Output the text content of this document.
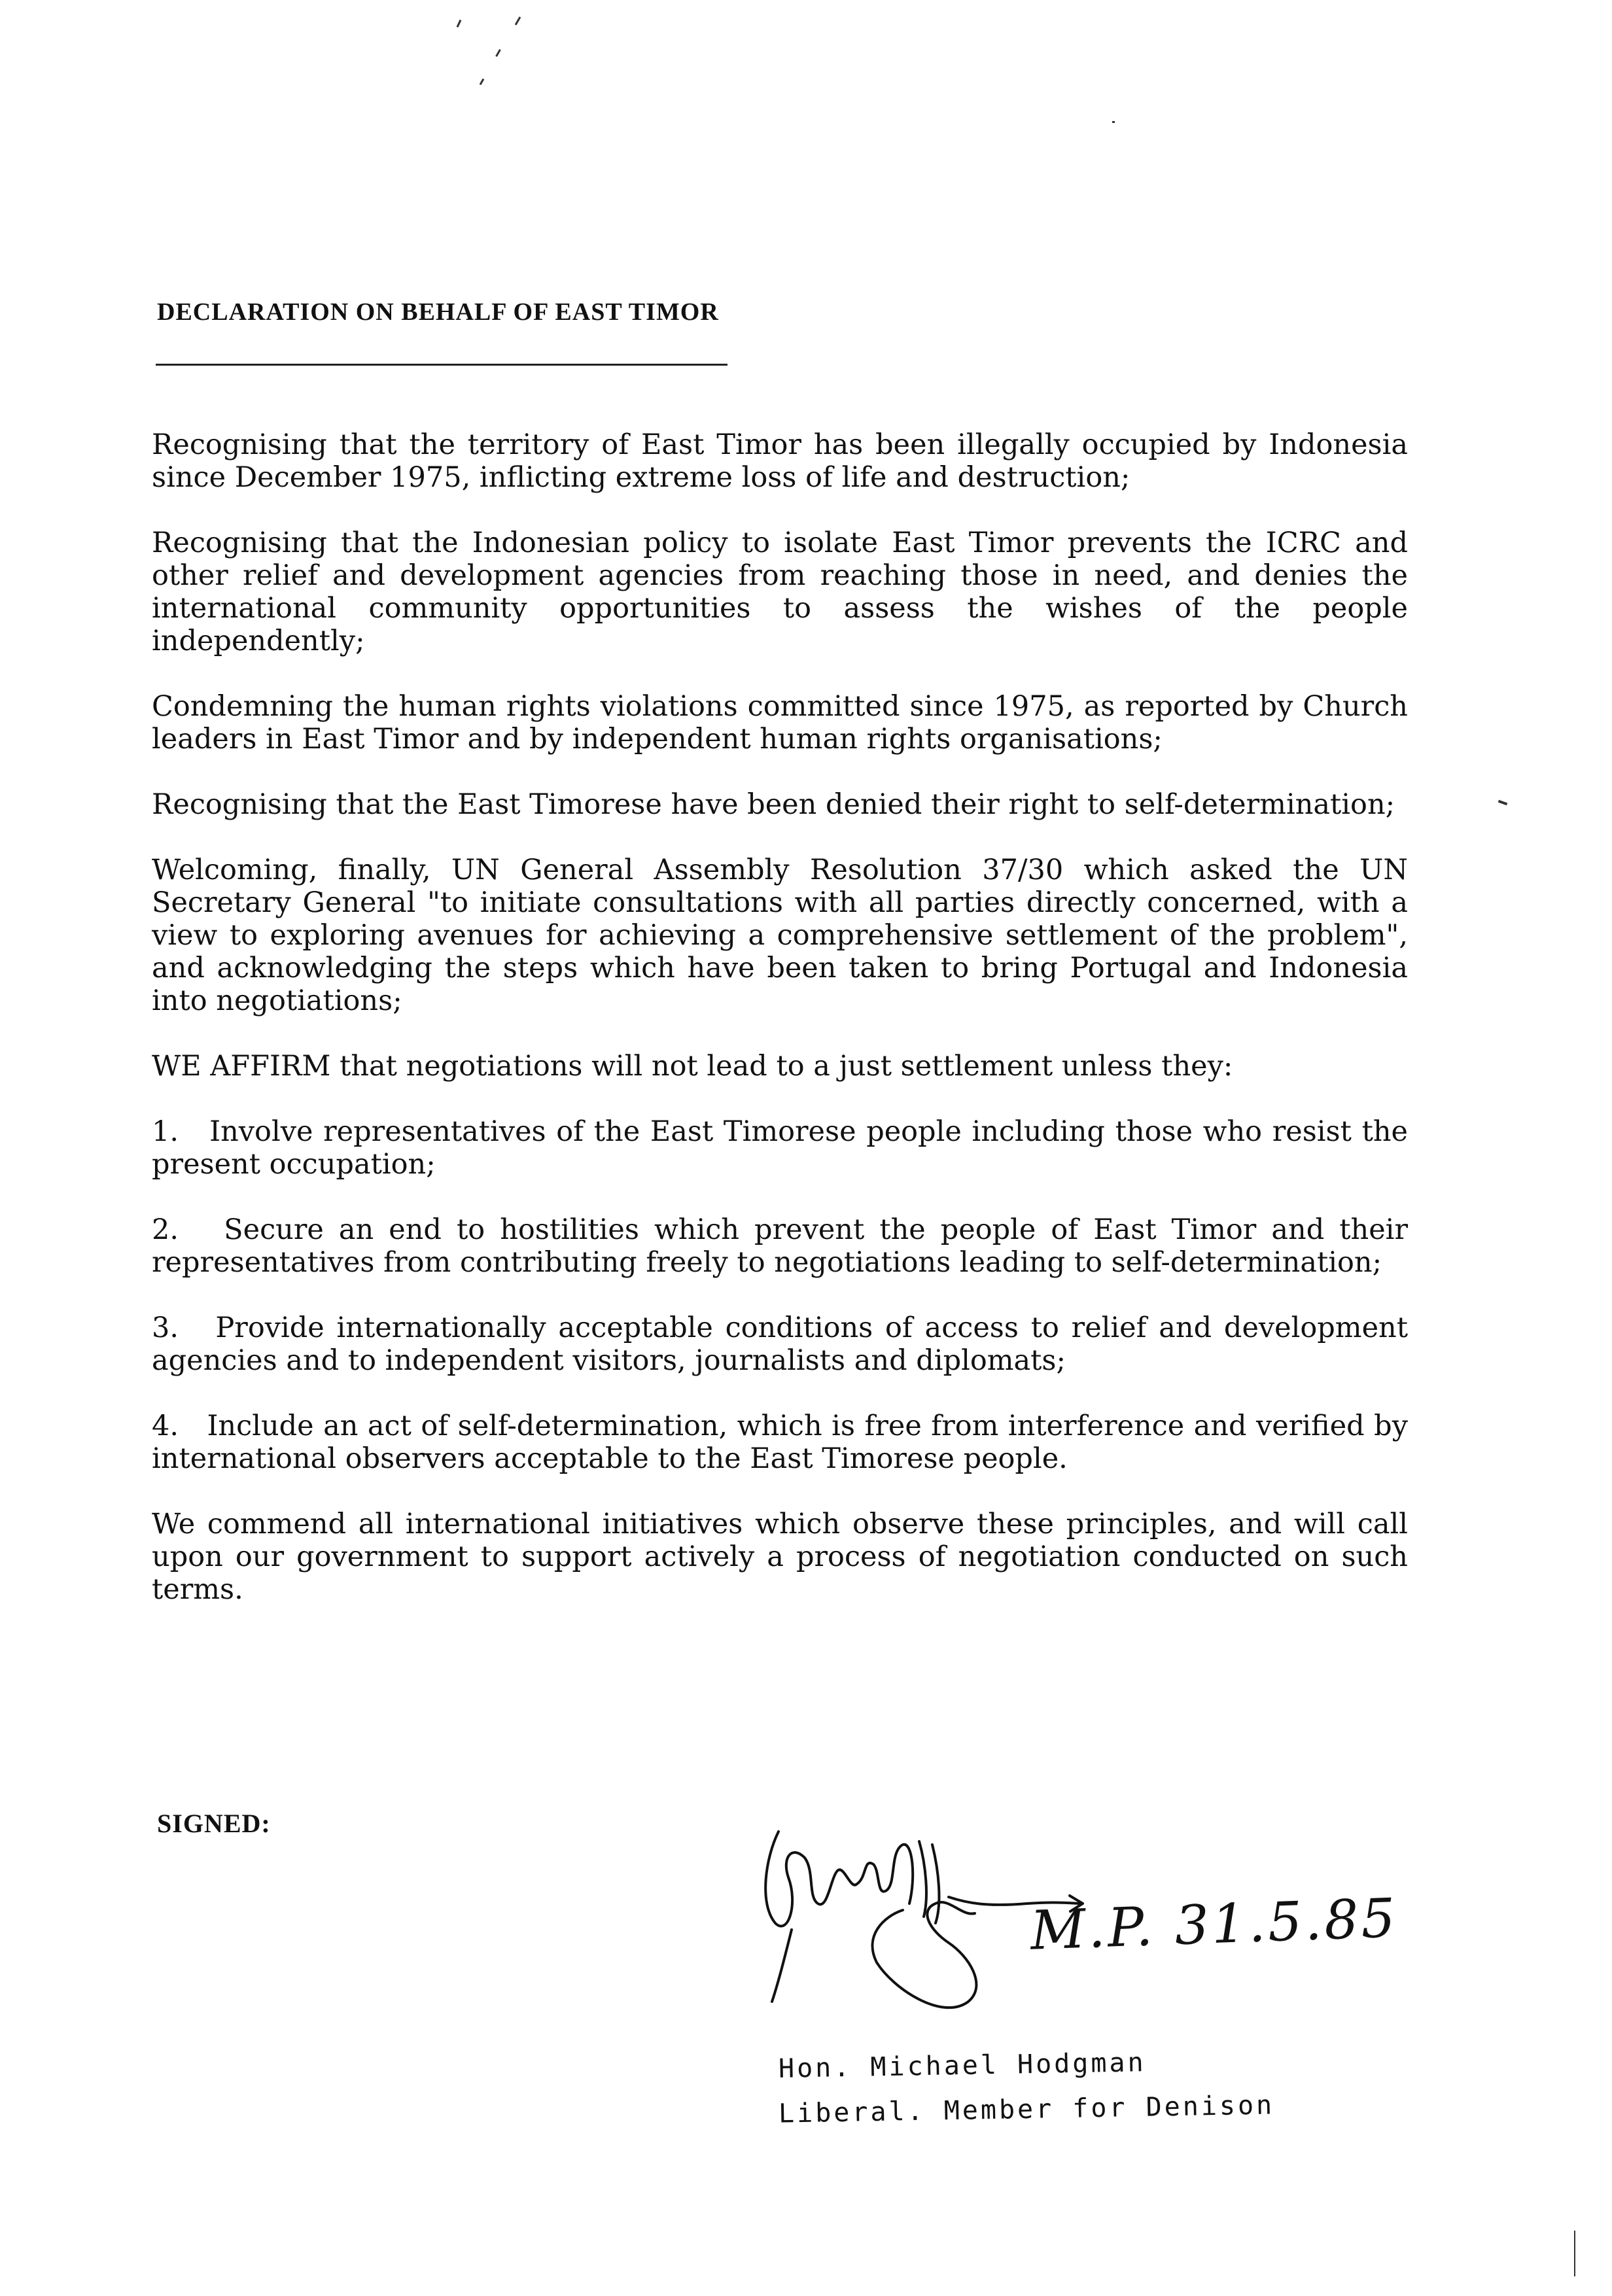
DECLARATION ON BEHALF OF EAST TIMOR

Recognising that the territory of East Timor has been illegally occupied by Indonesia since December 1975, inflicting extreme loss of life and destruction;

Recognising that the Indonesian policy to isolate East Timor prevents the ICRC and other relief and development agencies from reaching those in need, and denies the international community opportunities to assess the wishes of the people independently;

Condemning the human rights violations committed since 1975, as reported by Church leaders in East Timor and by independent human rights organisations;

Recognising that the East Timorese have been denied their right to self-determination;

Welcoming, finally, UN General Assembly Resolution 37/30 which asked the UN Secretary General "to initiate consultations with all parties directly concerned, with a view to exploring avenues for achieving a comprehensive settlement of the problem", and acknowledging the steps which have been taken to bring Portugal and Indonesia into negotiations;

WE AFFIRM that negotiations will not lead to a just settlement unless they:

1. Involve representatives of the East Timorese people including those who resist the present occupation;

2. Secure an end to hostilities which prevent the people of East Timor and their representatives from contributing freely to negotiations leading to self-determination;

3. Provide internationally acceptable conditions of access to relief and development agencies and to independent visitors, journalists and diplomats;

4. Include an act of self-determination, which is free from interference and verified by international observers acceptable to the East Timorese people.

We commend all international initiatives which observe these principles, and will call upon our government to support actively a process of negotiation conducted on such terms.

SIGNED:
M.P. 31.5.85
Hon. Michael Hodgman
Liberal. Member for Denison
